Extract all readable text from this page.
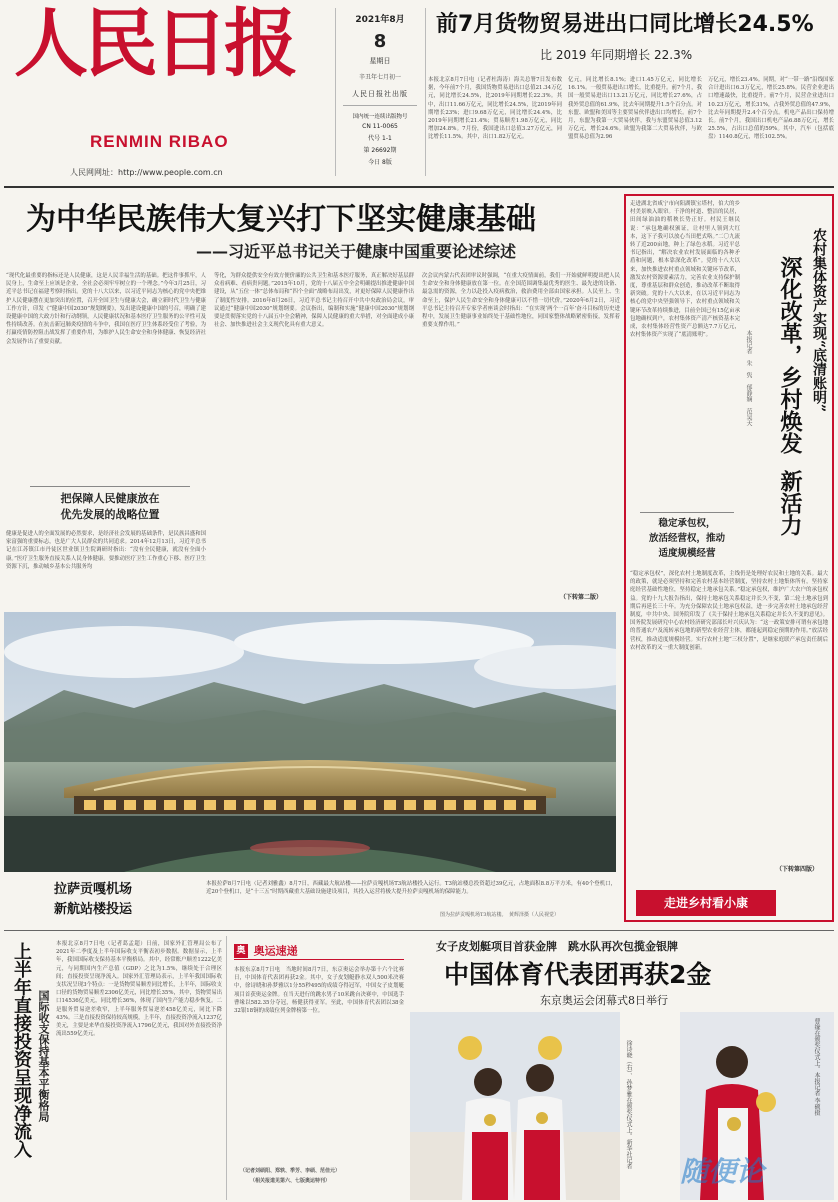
人民日报
RENMIN RIBAO
人民网网址：http://www.people.com.cn
2021年8月
8
星期日
辛丑年七月初一
人民日报社出版
国内统一连续出版物号
CN 11-0065
代号 1-1
第 26692期
今日 8版
前7月货物贸易进出口同比增长24.5%
比 2019 年同期增长 22.3%
本报北京8月7日电（记者杜海涛）海关总署7日发布数据，今年前7个月，我国货物贸易进出口总值21.34万亿元，同比增长24.5%，比2019年同期增长22.3%。其中，出口11.66万亿元，同比增长24.5%，比2019年同期增长23%；进口9.68万亿元，同比增长24.4%，比2019年同期增长21.4%；贸易顺差1.98万亿元，同比增加24.8%。7月份，我国进出口总值3.27万亿元，同比增长11.5%。其中，出口1.82万亿元。
亿元，同比增长8.1%；进口1.45万亿元，同比增长16.1%。一般贸易进出口增长，比重提升。前7个月，我国一般贸易进出口13.21万亿元，同比增长27.6%，占我外贸总值的61.9%，比去年同期提升1.5个百分点。对东盟、欧盟和美国等主要贸易伙伴进出口均增长。前7个月，东盟为我第一大贸易伙伴，我与东盟贸易总值3.12万亿元，增长24.6%。欧盟为我第二大贸易伙伴，与欧盟贸易总值为2.96
万亿元，增长23.4%。同期，对“一带一路”沿线国家合计进出口6.3万亿元，增长25.8%。民营企业进出口增速最快，比重提升。前7个月，民营企业进出口10.23万亿元，增长31%，占我外贸总值的47.9%，比去年同期提升2.4个百分点。机电产品出口保持增长。前7个月，我国出口机电产品6.88万亿元，增长25.5%，占出口总值的59%。其中，汽车（包括底盘）1140.8亿元，增长102.5%。
为中华民族伟大复兴打下坚实健康基础
——习近平总书记关于健康中国重要论述综述
“现代化最重要的指标还是人民健康，这是人民幸福生活的基础。把这件事抓牢，人民身上，生命至上应该是企业、全社会必须牢牢树立的一个理念。”今年3月25日，习近平总书记在福建考察时指出。党的十八大以来，以习近平同志为核心的党中央把维护人民健康摆在更加突出的位置，召开全国卫生与健康大会，确立新时代卫生与健康工作方针，印发《“健康中国2030”规划纲要》，发出建设健康中国的号召，明确了建设健康中国的大政方针和行动纲领，人民健康状况和基本医疗卫生服务的公平性可及性持续改善。在抗击新冠肺炎疫情的斗争中，我国在医疗卫生体系经受住了考验，为打赢疫情防控阻击战发挥了重要作用，为维护人民生命安全和身体健康、恢复经济社会发展作出了重要贡献。
等化，为群众提供安全有效方便价廉的公共卫生和基本医疗服务，真正解决好基层群众看病难、看病贵问题。”2015年10月，党的十八届五中全会明确提出推进健康中国建设，从“五位一体”总体布局和“四个全面”战略布局出发，对更好保障人民健康作出了制度性安排。2016年8月26日，习近平总书记主持召开中共中央政治局会议，审议通过“健康中国2030”规划纲要。会议指出，编制和实施“健康中国2030”规划纲要是贯彻落实党的十八届五中全会精神，保障人民健康的重大举措，对全面建成小康社会、加快推进社会主义现代化具有重大意义。
次会议内蒙古代表团审议时强调，“在重大疫情面前，我们一开始就鲜明提出把人民生命安全和身体健康放在第一位。在全国范围调集最优秀的医生、最先进的设备、最急需的资源，全力以赴投入疫病救治，救治费用全部由国家承担。人民至上、生命至上，保护人民生命安全和身体健康可以不惜一切代价。”2020年6月2日，习近平总书记主持召开专家学者座谈会时指出：“在实现‘两个一百年’奋斗目标的历史进程中，发展卫生健康事业始终处于基础性地位，同国家整体战略紧密衔接，发挥着重要支撑作用。”
（下转第二版）
把保障人民健康放在
优先发展的战略位置
健康是促进人的全面发展的必然要求，是经济社会发展的基础条件，是民族昌盛和国家富强的重要标志，也是广大人民群众的共同追求。2014年12月13日，习近平总书记在江苏镇江市丹徒区世业镇卫生院调研时指出：“没有全民健康，就没有全面小康。”医疗卫生服务直接关系人民身体健康。要推动医疗卫生工作重心下移、医疗卫生资源下沉，推动城乡基本公共服务均
拉萨贡嘎机场
新航站楼投运
本报拉萨8月7日电（记者刘雅鑫）8月7日，西藏最大航站楼——拉萨贡嘎机场T3航站楼投入运行。T3航站楼总投资超过39亿元，占地面积8.8万平方米，有40个登机口，近20个登机口，是“十三五”时期西藏重大基础设施建设项目，其投入运营将极大提升拉萨贡嘎机场的保障能力。
图为拉萨贡嘎机场T3航站楼。　黄辉泽摄（人民视觉）
走进湖北省咸宁市向阳湖镇宝塔村，伯大的乡村美景映入眼帘。千净的村道、整洁的民居，田间绿油油的稻秧长势正好。村民王继民说：“承包地确权颁证，让村里人领到大红本，这下子我可以放心当田把式咯。”二〇九流转了近200亩地，种上了绿色水稻。习近平总书记指出，“解决农业农村发展面临的各种矛盾和问题，根本靠深化改革”。党的十八大以来，加快推进农村重点领域和关键环节改革，激发农村资源要素活力，完善农业支持保护制度，尊重基层和群众创造，推动改革不断取得新突破。党的十八大以来，在以习近平同志为核心的党中央坚强领导下，农村重点领域和关键环节改革持续推进，目前全国已有15亿亩承包地确权到户，农村集体资产清产核资基本完成，农村集体经营性资产总额达7.7万亿元，农村集体资产实现了“底清账明”。	本报记者　朱　隽　郁静娴　范昊天	农村集体资产实现“底清账明”
深化改革，乡村焕发
新活力
稳定承包权，
放活经营权，推动
适度规模经营
“稳定承包权”，深化农村土地制度改革，主线仍是处理好农民和土地的关系。最大的政策，就是必须坚持和完善农村基本经营制度，坚持农村土地集体所有，坚持家庭经营基础性地位，坚持稳定土地承包关系。”稳定承包权，维护广大农户的承包权益。党的十九大报告指出，保持土地承包关系稳定并长久不变，第二轮土地承包到期后再延长三十年。为充分保障农民土地承包权益，进一步完善农村土地承包经营制度，中共中央、国务院印发了《关于保持土地承包关系稳定并长久不变的意见》。国务院发展研究中心农村经济研究部部长叶兴庆认为：“这一政策安排可谓有承包地的普通农户及流转承包地的新型农业经营主体，都能起到稳定预期的作用。”放活经营权，推动适度规模经营。实行农村土地“三权分置”，是继家庭联产承包责任制后农村改革的又一重大制度创新。
（下转第四版）
走进乡村看小康
上半年直接投资呈现净流入 国际收支保持基本平衡格局
本报北京8月7日电（记者葛孟超）日前，国家外汇管理局公布了2021年二季度及上半年国际收支平衡表初步数据。数据显示，上半年，我国国际收支保持基本平衡格局。其中，经常账户顺差1222亿美元，与同期国内生产总值（GDP）之比为1.5%，继续处于合理区间；直接投资呈现净流入。国家外汇管理局表示，上半年我国国际收支状况呈现3个特点：一是货物贸易顺差同比增长，上半年，国际收支口径的货物贸易顺差2306亿美元，同比增长35%，其中，货物贸易出口14536亿美元，同比增长36%，体现了国内生产能力稳步恢复。二是服务贸易逆差收窄，上半年服务贸易逆差458亿美元，同比下降43%。三是直接投资保持较高规模，上半年，直接投资净流入1237亿美元，主要是来华直接投资净流入1796亿美元，我国对外直接投资净流出559亿美元。
奥 奥运速递
本报东京8月7日电　当地时间8月7日，东京奥运会举办第十六个比赛日，中国体育代表团再获2金。其中，女子皮划艇静水双人500米决赛中，徐诗晓和孙梦雅以1分55秒495的成绩夺得冠军，中国女子皮划艇项目首获奥运金牌。在当天进行的跳水男子10米跳台决赛中，中国选手曹缘以582.35分夺冠，杨健获得亚军。至此，中国体育代表团以38金32银18铜的成绩位列金牌榜第一位。
（记者刘硕阳、郑轶、季芳、李硕、范佳元）
（相关报道见第六、七版奥运特刊）
女子皮划艇项目首获金牌　跳水队再次包揽金银牌
中国体育代表团再获2金
东京奥运会闭幕式8日举行
徐诗晓（右）、孙梦雅在颁奖仪式上。新华社记者	曹缘在颁奖仪式上。本报记者 李硕摄
随便论
